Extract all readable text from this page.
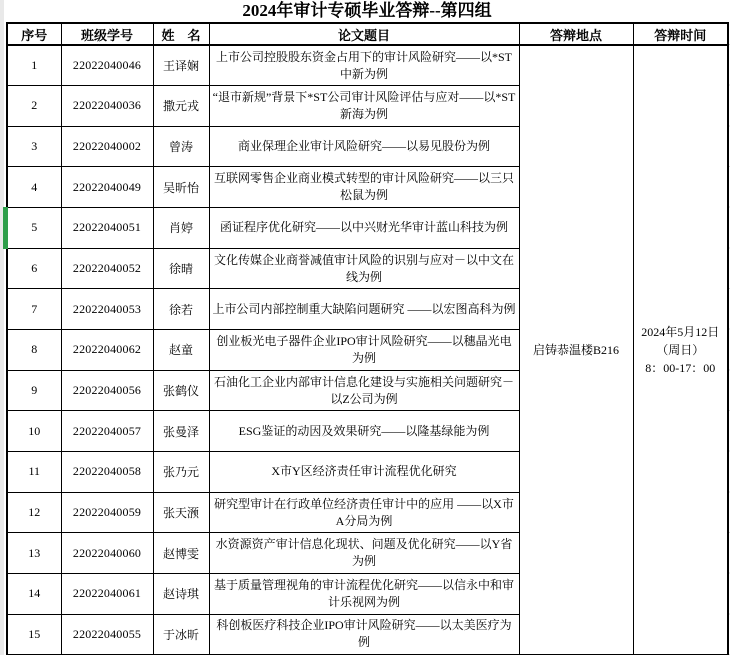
2024年审计专硕毕业答辩--第四组
序号	班级学号	姓　名	论文题目	答辩地点	答辩时间
1	22022040046	王译娴	上市公司控股股东资金占用下的审计风险研究——以*ST中新为例	启铸恭温楼B216	2024年5月12日
（周日）
8：00-17：00

2	22022040036	撒元戎	“退市新规”背景下*ST公司审计风险评估与应对——以*ST新海为例		
3	22022040002	曾涛	商业保理企业审计风险研究——以易见股份为例		
4	22022040049	吴昕怡	互联网零售企业商业模式转型的审计风险研究——以三只松鼠为例		
5	22022040051	肖婷	函证程序优化研究——以中兴财光华审计蓝山科技为例		
6	22022040052	徐晴	文化传媒企业商誉减值审计风险的识别与应对－以中文在线为例		
7	22022040053	徐若	上市公司内部控制重大缺陷问题研究 ——以宏图高科为例		
8	22022040062	赵童	创业板光电子器件企业IPO审计风险研究——以穗晶光电为例		
9	22022040056	张鹤仪	石油化工企业内部审计信息化建设与实施相关问题研究－以Z公司为例		
10	22022040057	张曼泽	ESG鉴证的动因及效果研究——以隆基绿能为例		
11	22022040058	张乃元	X市Y区经济责任审计流程优化研究		
12	22022040059	张天滪	研究型审计在行政单位经济责任审计中的应用 ——以X市A分局为例		
13	22022040060	赵博雯	水资源资产审计信息化现状、问题及优化研究——以Y省为例		
14	22022040061	赵诗琪	基于质量管理视角的审计流程优化研究——以信永中和审计乐视网为例		
15	22022040055	于冰昕	科创板医疗科技企业IPO审计风险研究——以太美医疗为例		
